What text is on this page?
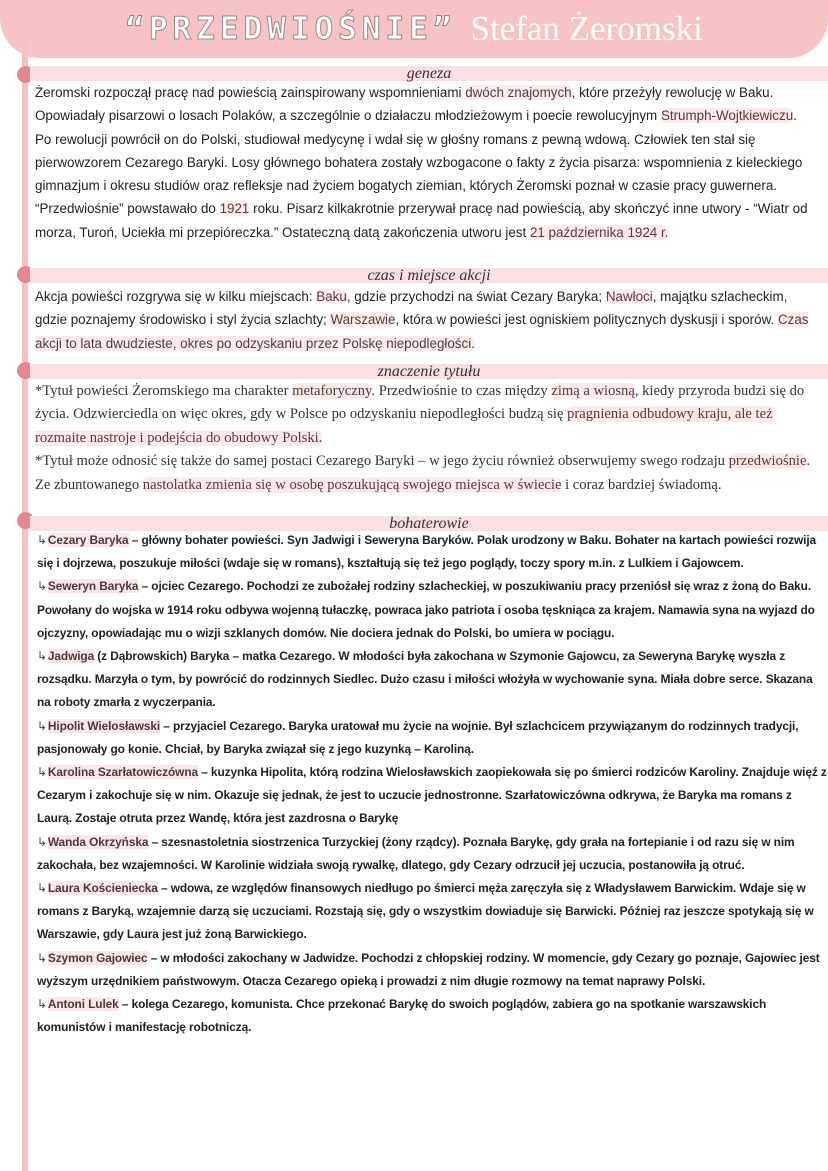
“PRZEDWIOŚNIE” Stefan Żeromski
geneza
Żeromski rozpoczął pracę nad powieścią zainspirowany wspomnieniami dwóch znajomych, które przeżyły rewolucję w Baku. Opowiadały pisarzowi o losach Polaków, a szczególnie o działaczu młodzieżowym i poecie rewolucyjnym Strumph-Wojtkiewiczu. Po rewolucji powrócił on do Polski, studiował medycynę i wdał się w głośny romans z pewną wdową. Człowiek ten stał się pierwowzorem Cezarego Baryki. Losy głównego bohatera zostały wzbogacone o fakty z życia pisarza: wspomnienia z kieleckiego gimnazjum i okresu studiów oraz refleksje nad życiem bogatych ziemian, których Żeromski poznał w czasie pracy guwernera. “Przedwiośnie” powstawało do 1921 roku. Pisarz kilkakrotnie przerywał pracę nad powieścią, aby skończyć inne utwory - “Wiatr od morza, Turoń, Uciekła mi przepióreczka.” Ostateczną datą zakończenia utworu jest 21 października 1924 r.
czas i miejsce akcji
Akcja powieści rozgrywa się w kilku miejscach: Baku, gdzie przychodzi na świat Cezary Baryka; Nawłoci, majątku szlacheckim, gdzie poznajemy środowisko i styl życia szlachty; Warszawie, która w powieści jest ogniskiem politycznych dyskusji i sporów. Czas akcji to lata dwudzieste, okres po odzyskaniu przez Polskę niepodległości.
znaczenie tytułu
*Tytuł powieści Żeromskiego ma charakter metaforyczny. Przedwiośnie to czas między zimą a wiosną, kiedy przyroda budzi się do życia. Odzwierciedla on więc okres, gdy w Polsce po odzyskaniu niepodległości budzą się pragnienia odbudowy kraju, ale też rozmaite nastroje i podejścia do obudowy Polski.
*Tytuł może odnosić się także do samej postaci Cezarego Baryki – w jego życiu również obserwujemy swego rodzaju przedwiośnie. Ze zbuntowanego nastolatka zmienia się w osobę poszukującą swojego miejsca w świecie i coraz bardziej świadomą.
bohaterowie

↳Cezary Baryka – główny bohater powieści. Syn Jadwigi i Seweryna Baryków. Polak urodzony w Baku. Bohater na kartach powieści rozwija się i dojrzewa, poszukuje miłości (wdaje się w romans), kształtują się też jego poglądy, toczy spory m.in. z Lulkiem i Gajowcem.

↳Seweryn Baryka – ojciec Cezarego. Pochodzi ze zubożałej rodziny szlacheckiej, w poszukiwaniu pracy przeniósł się wraz z żoną do Baku. Powołany do wojska w 1914 roku odbywa wojenną tułaczkę, powraca jako patriota i osoba tęskniąca za krajem. Namawia syna na wyjazd do ojczyzny, opowiadając mu o wizji szklanych domów. Nie dociera jednak do Polski, bo umiera w pociągu.

↳Jadwiga (z Dąbrowskich) Baryka – matka Cezarego. W młodości była zakochana w Szymonie Gajowcu, za Seweryna Barykę wyszła z rozsądku. Marzyła o tym, by powrócić do rodzinnych Siedlec. Dużo czasu i miłości włożyła w wychowanie syna. Miała dobre serce. Skazana na roboty zmarła z wyczerpania.

↳Hipolit Wielosławski – przyjaciel Cezarego. Baryka uratował mu życie na wojnie. Był szlachcicem przywiązanym do rodzinnych tradycji, pasjonowały go konie. Chciał, by Baryka związał się z jego kuzynką – Karoliną.

↳Karolina Szarłatowiczówna – kuzynka Hipolita, którą rodzina Wielosławskich zaopiekowała się po śmierci rodziców Karoliny. Znajduje więź z Cezarym i zakochuje się w nim. Okazuje się jednak, że jest to uczucie jednostronne. Szarłatowiczówna odkrywa, że Baryka ma romans z Laurą. Zostaje otruta przez Wandę, która jest zazdrosna o Barykę

↳Wanda Okrzyńska – szesnastoletnia siostrzenica Turzyckiej (żony rządcy). Poznała Barykę, gdy grała na fortepianie i od razu się w nim zakochała, bez wzajemności. W Karolinie widziała swoją rywalkę, dlatego, gdy Cezary odrzucił jej uczucia, postanowiła ją otruć.

↳Laura Kościeniecka – wdowa, ze względów finansowych niedługo po śmierci męża zaręczyła się z Władysławem Barwickim. Wdaje się w romans z Baryką, wzajemnie darzą się uczuciami. Rozstają się, gdy o wszystkim dowiaduje się Barwicki. Później raz jeszcze spotykają się w Warszawie, gdy Laura jest już żoną Barwickiego.

↳Szymon Gajowiec – w młodości zakochany w Jadwidze. Pochodzi z chłopskiej rodziny. W momencie, gdy Cezary go poznaje, Gajowiec jest wyższym urzędnikiem państwowym. Otacza Cezarego opieką i prowadzi z nim długie rozmowy na temat naprawy Polski.

↳Antoni Lulek – kolega Cezarego, komunista. Chce przekonać Barykę do swoich poglądów, zabiera go na spotkanie warszawskich komunistów i manifestację robotniczą.
